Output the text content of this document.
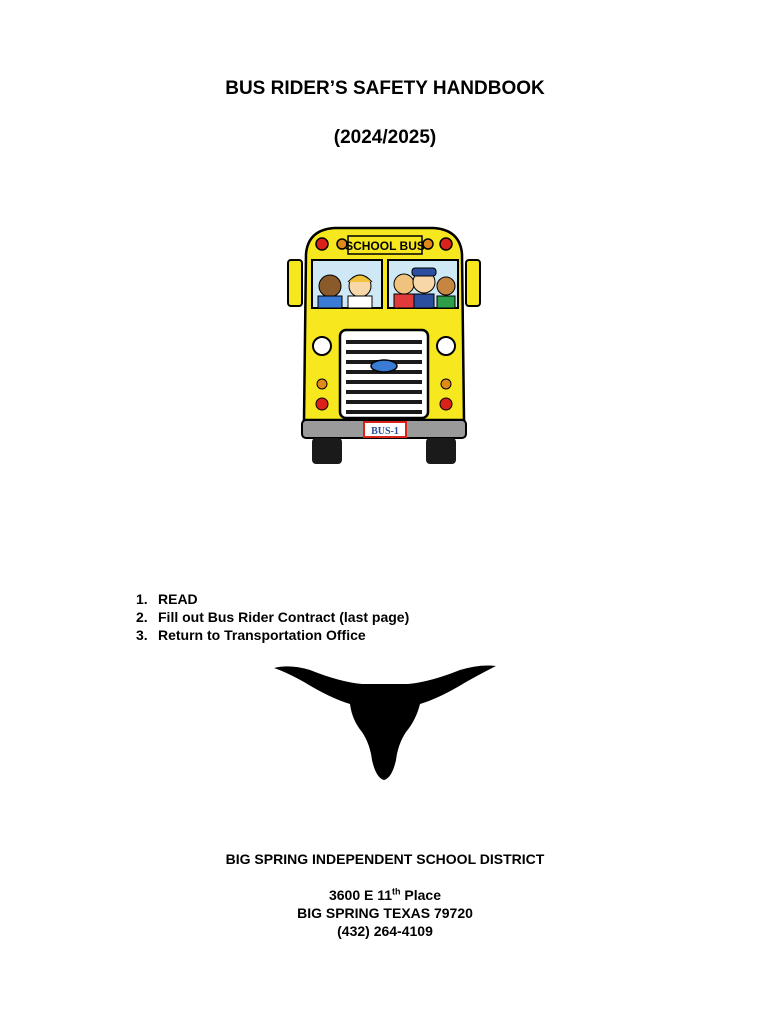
BUS RIDER’S SAFETY HANDBOOK
(2024/2025)
SCHOOL BUS
BUS-1
1. READ
2. Fill out Bus Rider Contract (last page)
3. Return to Transportation Office
BIG SPRING INDEPENDENT SCHOOL DISTRICT
3600 E 11th Place
BIG SPRING TEXAS 79720
(432) 264-4109
